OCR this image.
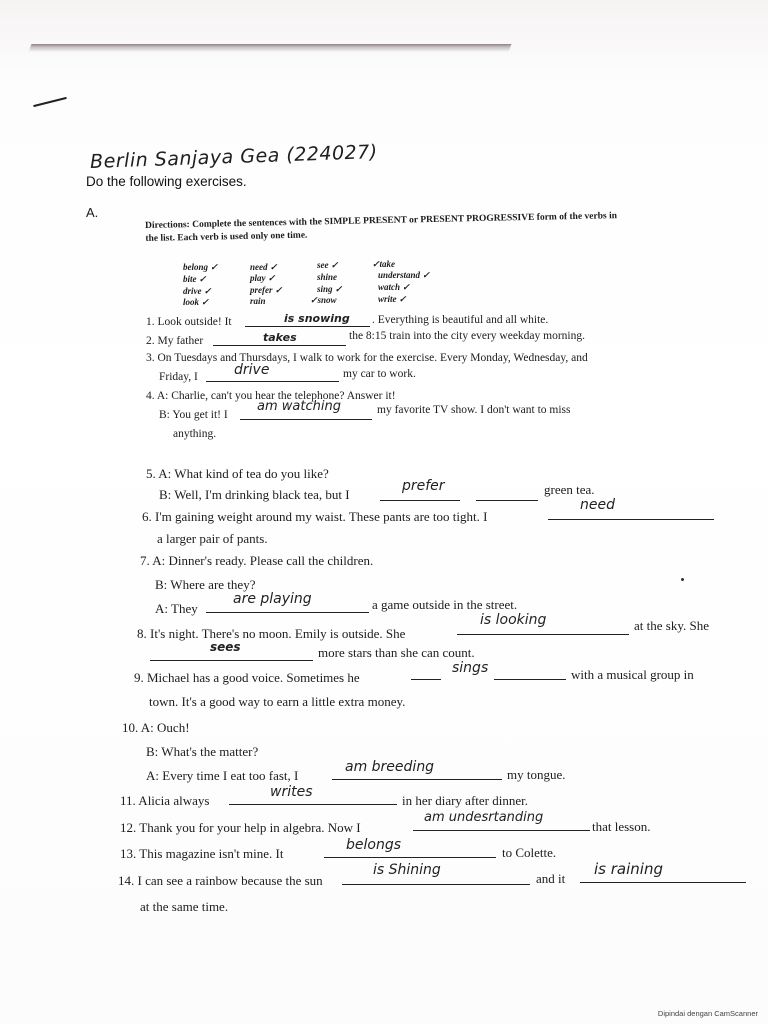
Berlin Sanjaya Gea (224027)
Do the following exercises.
A.	Directions: Complete the sentences with the SIMPLE PRESENT or PRESENT PROGRESSIVE form of the verbs in the list. Each verb is used only one time.
belong ✓	need ✓	see ✓	✓take
bite ✓	play ✓	shine	understand ✓
drive ✓	prefer ✓	sing ✓	watch ✓
look ✓	rain	✓snow	write ✓
1. Look outside! It	is snowing . Everything is beautiful and all white.
2. My father	takes	the 8:15 train into the city every weekday morning.
3. On Tuesdays and Thursdays, I walk to work for the exercise. Every Monday, Wednesday, and
Friday, I	drive	my car to work.
4. A: Charlie, can't you hear the telephone? Answer it!
B: You get it! I
am watching	my favorite TV show. I don't want to miss
anything.
5. A: What kind of tea do you like?
B: Well, I'm drinking black tea, but I
prefer	green tea.
6. I'm gaining weight around my waist. These pants are too tight. I
need
a larger pair of pants.
7. A: Dinner's ready. Please call the children.
B: Where are they?
A: They
are playing	a game outside in the street.
8. It's night. There's no moon. Emily is outside. She
is looking	at the sky. She
sees	more stars than she can count.
9. Michael has a good voice. Sometimes he
sings	with a musical group in
town. It's a good way to earn a little extra money.
10. A: Ouch!
B: What's the matter?
A: Every time I eat too fast, I
am breeding	my tongue.
11. Alicia always
writes
in her diary after dinner.
12. Thank you for your help in algebra. Now I
am undesrtanding
that lesson.
13. This magazine isn't mine. It
belongs	to Colette.
14. I can see a rainbow because the sun
is Shining
and it
is raining
at the same time.
Dipindai dengan CamScanner
